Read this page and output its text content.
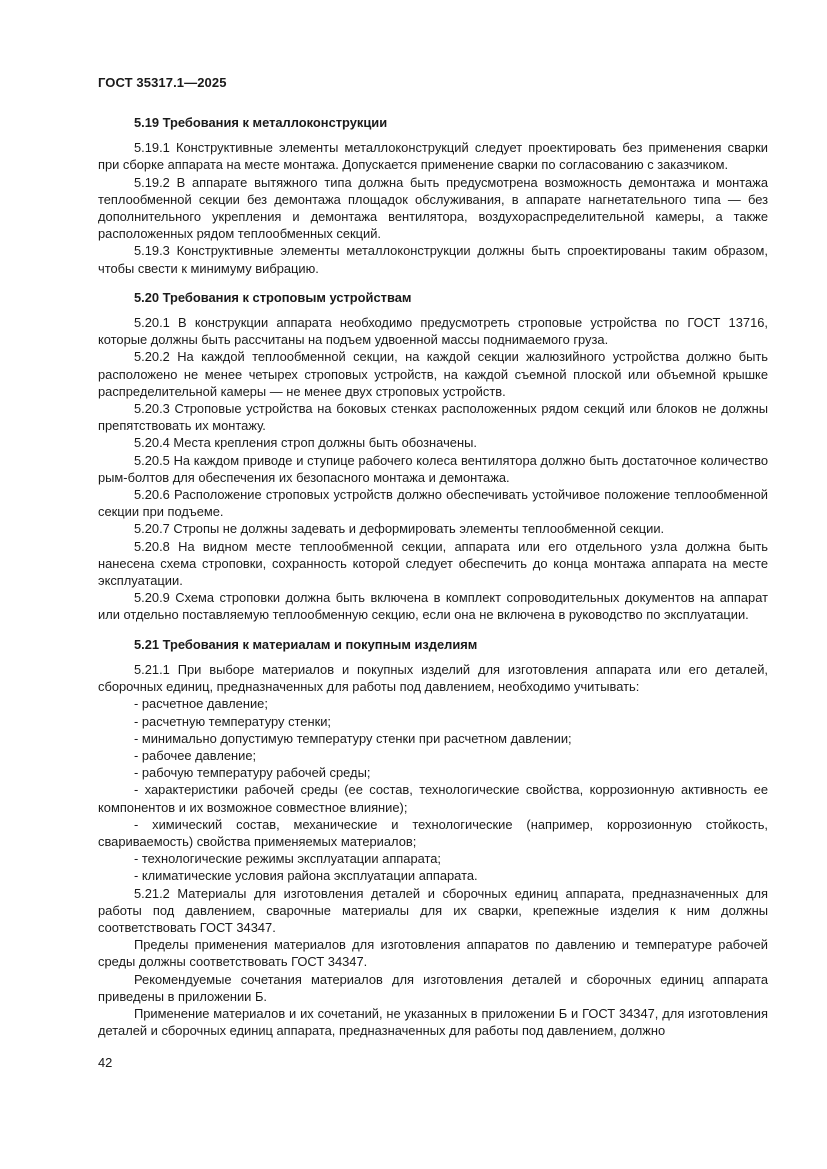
ГОСТ 35317.1—2025

5.19 Требования к металлоконструкции

5.19.1 Конструктивные элементы металлоконструкций следует проектировать без применения сварки при сборке аппарата на месте монтажа. Допускается применение сварки по согласованию с заказчиком.

5.19.2 В аппарате вытяжного типа должна быть предусмотрена возможность демонтажа и монтажа теплообменной секции без демонтажа площадок обслуживания, в аппарате нагнетательного типа — без дополнительного укрепления и демонтажа вентилятора, воздухораспределительной камеры, а также расположенных рядом теплообменных секций.

5.19.3 Конструктивные элементы металлоконструкции должны быть спроектированы таким образом, чтобы свести к минимуму вибрацию.

5.20 Требования к строповым устройствам

5.20.1 В конструкции аппарата необходимо предусмотреть строповые устройства по ГОСТ 13716, которые должны быть рассчитаны на подъем удвоенной массы поднимаемого груза.

5.20.2 На каждой теплообменной секции, на каждой секции жалюзийного устройства должно быть расположено не менее четырех строповых устройств, на каждой съемной плоской или объемной крышке распределительной камеры — не менее двух строповых устройств.

5.20.3 Строповые устройства на боковых стенках расположенных рядом секций или блоков не должны препятствовать их монтажу.

5.20.4 Места крепления строп должны быть обозначены.

5.20.5 На каждом приводе и ступице рабочего колеса вентилятора должно быть достаточное количество рым-болтов для обеспечения их безопасного монтажа и демонтажа.

5.20.6 Расположение строповых устройств должно обеспечивать устойчивое положение теплообменной секции при подъеме.

5.20.7 Стропы не должны задевать и деформировать элементы теплообменной секции.

5.20.8 На видном месте теплообменной секции, аппарата или его отдельного узла должна быть нанесена схема строповки, сохранность которой следует обеспечить до конца монтажа аппарата на месте эксплуатации.

5.20.9 Схема строповки должна быть включена в комплект сопроводительных документов на аппарат или отдельно поставляемую теплообменную секцию, если она не включена в руководство по эксплуатации.

5.21 Требования к материалам и покупным изделиям

5.21.1 При выборе материалов и покупных изделий для изготовления аппарата или его деталей, сборочных единиц, предназначенных для работы под давлением, необходимо учитывать:

- расчетное давление;

- расчетную температуру стенки;

- минимально допустимую температуру стенки при расчетном давлении;

- рабочее давление;

- рабочую температуру рабочей среды;

- характеристики рабочей среды (ее состав, технологические свойства, коррозионную активность ее компонентов и их возможное совместное влияние);

- химический состав, механические и технологические (например, коррозионную стойкость, свариваемость) свойства применяемых материалов;

- технологические режимы эксплуатации аппарата;

- климатические условия района эксплуатации аппарата.

5.21.2 Материалы для изготовления деталей и сборочных единиц аппарата, предназначенных для работы под давлением, сварочные материалы для их сварки, крепежные изделия к ним должны соответствовать ГОСТ 34347.

Пределы применения материалов для изготовления аппаратов по давлению и температуре рабочей среды должны соответствовать ГОСТ 34347.

Рекомендуемые сочетания материалов для изготовления деталей и сборочных единиц аппарата приведены в приложении Б.

Применение материалов и их сочетаний, не указанных в приложении Б и ГОСТ 34347, для изготовления деталей и сборочных единиц аппарата, предназначенных для работы под давлением, должно

42
